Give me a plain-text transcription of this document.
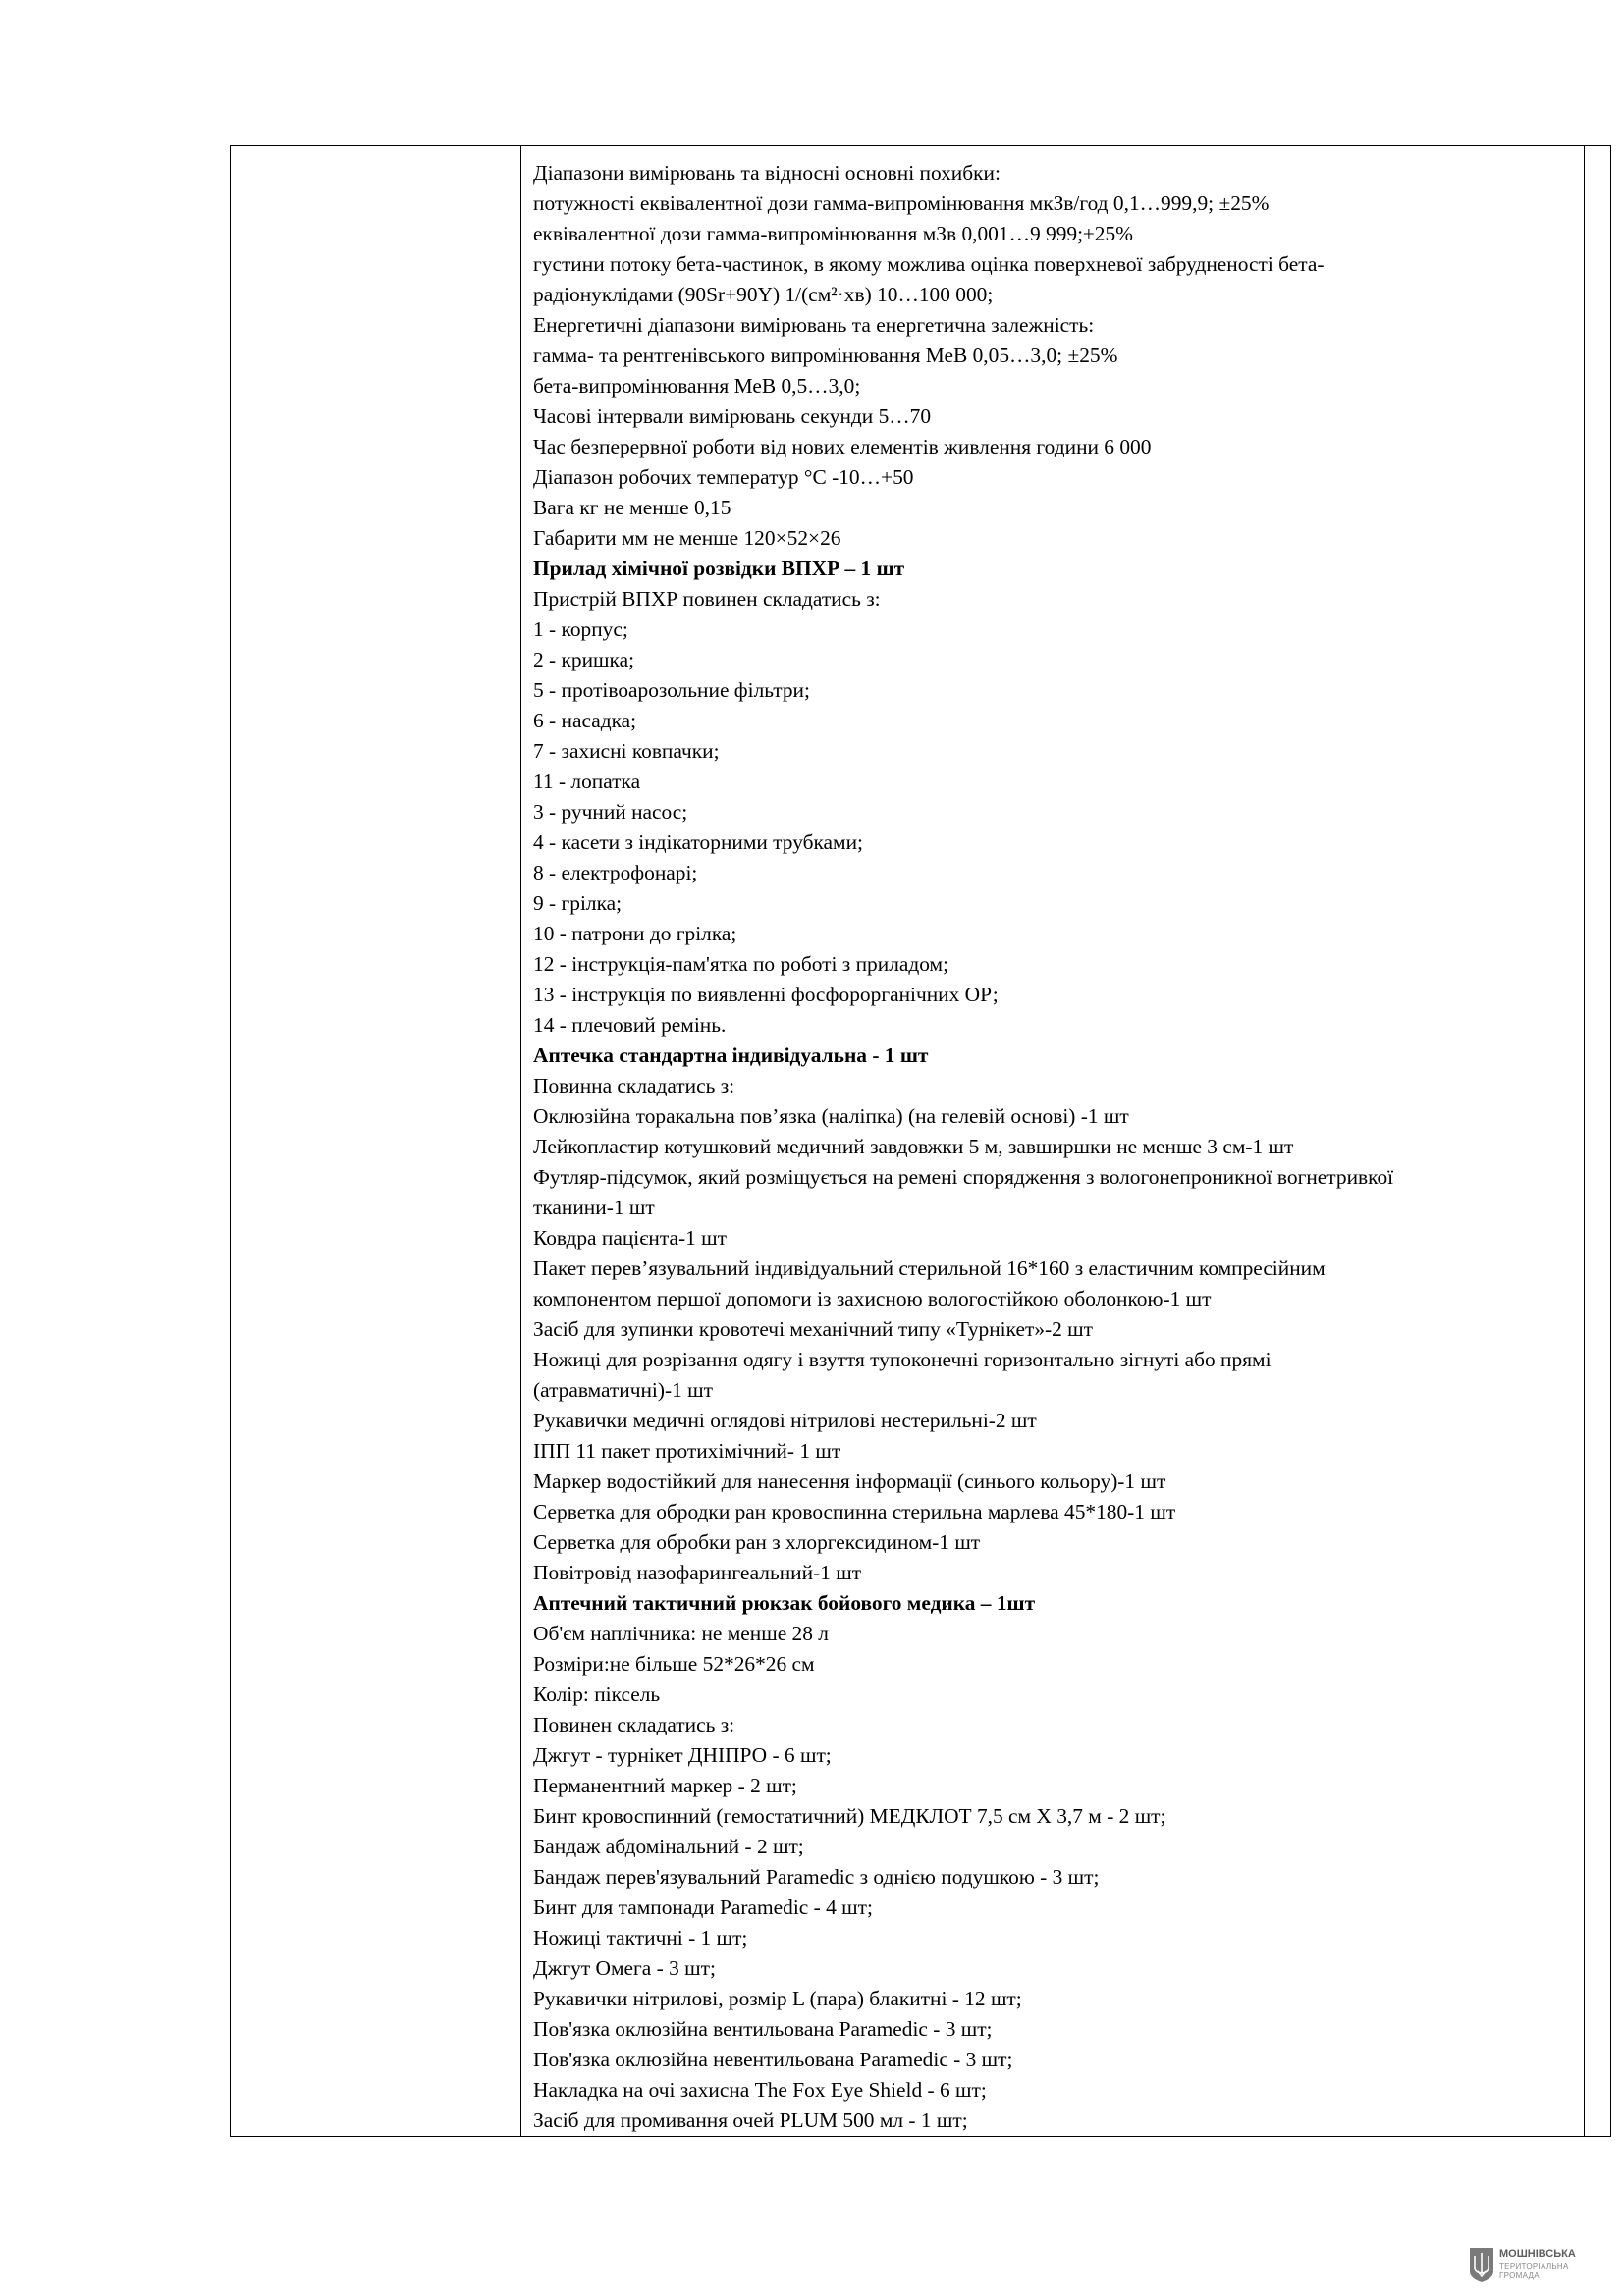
Діапазони вимірювань та відносні основні похибки:
потужності еквівалентної дози гамма-випромінювання мкЗв/год 0,1…999,9; ±25%
еквівалентної дози гамма-випромінювання мЗв 0,001…9 999;±25%
густини потоку бета-частинок, в якому можлива оцінка поверхневої забрудненості бета-
радіонуклідами (90Sr+90Y) 1/(см²·хв) 10…100 000;
Енергетичні діапазони вимірювань та енергетична залежність:
гамма- та рентгенівського випромінювання МеВ 0,05…3,0; ±25%
бета-випромінювання МеВ 0,5…3,0;
Часові інтервали вимірювань секунди 5…70
Час безперервної роботи від нових елементів живлення години 6 000
Діапазон робочих температур °С -10…+50
Вага кг не менше 0,15
Габарити мм не менше 120×52×26
Прилад хімічної розвідки ВПХР – 1 шт
Пристрій ВПХР повинен складатись з:
1 - корпус;
2 - кришка;
5 - протівоарозольние фільтри;
6 - насадка;
7 - захисні ковпачки;
11 - лопатка
3 - ручний насос;
4 - касети з індікаторними трубками;
8 - електрофонарі;
9 - грілка;
10 - патрони до грілка;
12 - інструкція-пам'ятка по роботі з приладом;
13 - інструкція по виявленні фосфорорганічних ОР;
14 - плечовий ремінь.
Аптечка стандартна індивідуальна - 1 шт
Повинна складатись з:
Оклюзійна торакальна пов’язка (наліпка) (на гелевій основі) -1 шт
Лейкопластир котушковий медичний завдовжки 5 м, завширшки не менше 3 см-1 шт
Футляр-підсумок, який розміщується на ремені спорядження з вологонепроникної вогнетривкої
тканини-1 шт
Ковдра пацієнта-1 шт
Пакет перев’язувальний індивідуальний стерильной 16*160 з еластичним компресійним
компонентом першої допомоги із захисною вологостійкою оболонкою-1 шт
Засіб для зупинки кровотечі механічний типу «Турнікет»-2 шт
Ножиці для розрізання одягу і взуття тупоконечні горизонтально зігнуті або прямі
(атравматичні)-1 шт
Рукавички медичні оглядові нітрилові нестерильні-2 шт
ІПП 11 пакет протихімічний- 1 шт
Маркер водостійкий для нанесення інформації (синього кольору)-1 шт
Серветка для обродки ран кровоспинна стерильна марлева 45*180-1 шт
Серветка для обробки ран з хлоргексидином-1 шт
Повітровід назофарингеальний-1 шт
Аптечний тактичний рюкзак бойового медика – 1шт
Об'єм наплічника: не менше 28 л
Розміри:не більше 52*26*26 см
Колір: піксель
Повинен складатись з:
Джгут - турнікет ДНІПРО - 6 шт;
Перманентний маркер - 2 шт;
Бинт кровоспинний (гемостатичний) МЕДКЛОТ 7,5 см Х 3,7 м - 2 шт;
Бандаж абдомінальний - 2 шт;
Бандаж перев'язувальний Paramedic з однією подушкою - 3 шт;
Бинт для тампонади Paramedic - 4 шт;
Ножиці тактичні - 1 шт;
Джгут Омега - 3 шт;
Рукавички нітрилові, розмір L (пара) блакитні - 12 шт;
Пов'язка оклюзійна вентильована Paramedic - 3 шт;
Пов'язка оклюзійна невентильована Paramedic - 3 шт;
Накладка на очі захисна The Fox Eye Shield - 6 шт;
Засіб для промивання очей PLUM 500 мл - 1 шт;

МОШНІВСЬКА
ТЕРИТОРІАЛЬНА
ГРОМАДА
